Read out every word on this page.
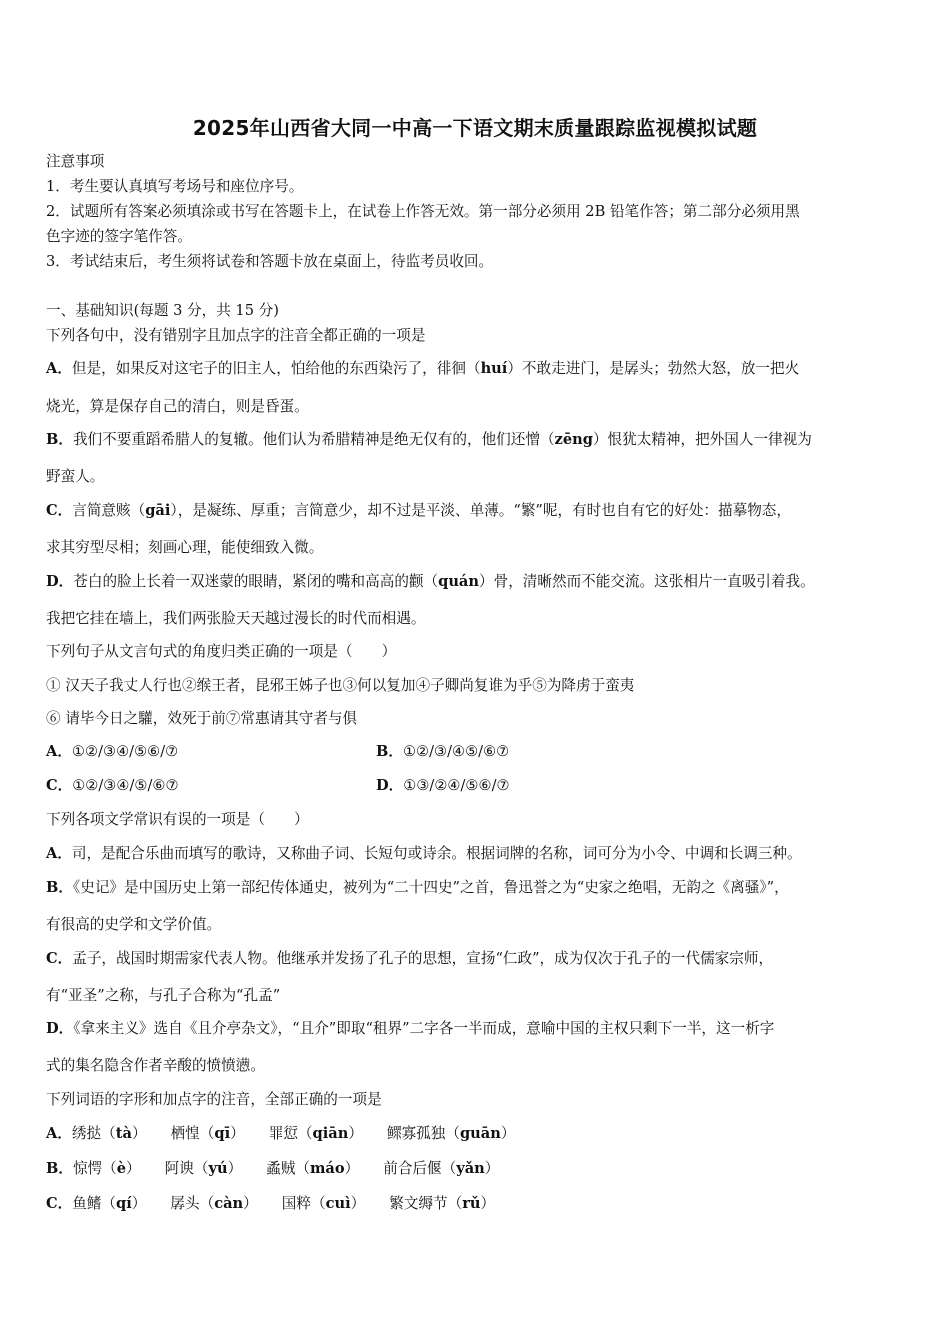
2025年山西省大同一中高一下语文期末质量跟踪监视模拟试题
注意事项
1．考生要认真填写考场号和座位序号。
2．试题所有答案必须填涂或书写在答题卡上，在试卷上作答无效。第一部分必须用 2B 铅笔作答；第二部分必须用黑
色字迹的签字笔作答。
3．考试结束后，考生须将试卷和答题卡放在桌面上，待监考员收回。
一、基础知识(每题 3 分，共 15 分)
下列各句中，没有错别字且加点字的注音全都正确的一项是
A．但是，如果反对这宅子的旧主人，怕给他的东西染污了，徘徊（huí）不敢走进门，是孱头；勃然大怒，放一把火
烧光，算是保存自己的清白，则是昏蛋。
B．我们不要重蹈希腊人的复辙。他们认为希腊精神是绝无仅有的，他们还憎（zēng）恨犹太精神，把外国人一律视为
野蛮人。
C．言简意赅（gāi），是凝练、厚重；言简意少，却不过是平淡、单薄。“繁”呢，有时也自有它的好处：描摹物态，
求其穷型尽相；刻画心理，能使细致入微。
D．苍白的脸上长着一双迷蒙的眼睛，紧闭的嘴和高高的颧（quán）骨，清晰然而不能交流。这张相片一直吸引着我。
我把它挂在墙上，我们两张脸天天越过漫长的时代而相遇。
下列句子从文言句式的角度归类正确的一项是（　　）
① 汉天子我丈人行也②缑王者，昆邪王姊子也③何以复加④子卿尚复谁为乎⑤为降虏于蛮夷
⑥ 请毕今日之驩，效死于前⑦常惠请其守者与俱
A．①②/③④/⑤⑥/⑦	B．①②/③/④⑤/⑥⑦
C．①②/③④/⑤/⑥⑦	D．①③/②④/⑤⑥/⑦
下列各项文学常识有误的一项是（　　）
A．司，是配合乐曲而填写的歌诗，又称曲子词、长短句或诗余。根据词牌的名称，词可分为小令、中调和长调三种。
B．《史记》是中国历史上第一部纪传体通史，被列为“二十四史”之首，鲁迅誉之为“史家之绝唱，无韵之《离骚》”，
有很高的史学和文学价值。
C．孟子，战国时期需家代表人物。他继承并发扬了孔子的思想，宣扬“仁政”，成为仅次于孔子的一代儒家宗师，
有“亚圣”之称，与孔子合称为“孔孟”
D．《拿来主义》选自《且介亭杂文》，“且介”即取“租界”二字各一半而成，意喻中国的主权只剩下一半，这一析字
式的集名隐含作者辛酸的愤愤懑。
下列词语的字形和加点字的注音，全部正确的一项是
A．绣挞（tà） 栖惶（qī） 罪愆（qiān） 鳏寡孤独（guān）
B．惊愕（è） 阿谀（yú） 蟊贼（máo） 前合后偃（yǎn）
C．鱼鳍（qí） 孱头（càn） 国粹（cuì） 繁文缛节（rǔ）
